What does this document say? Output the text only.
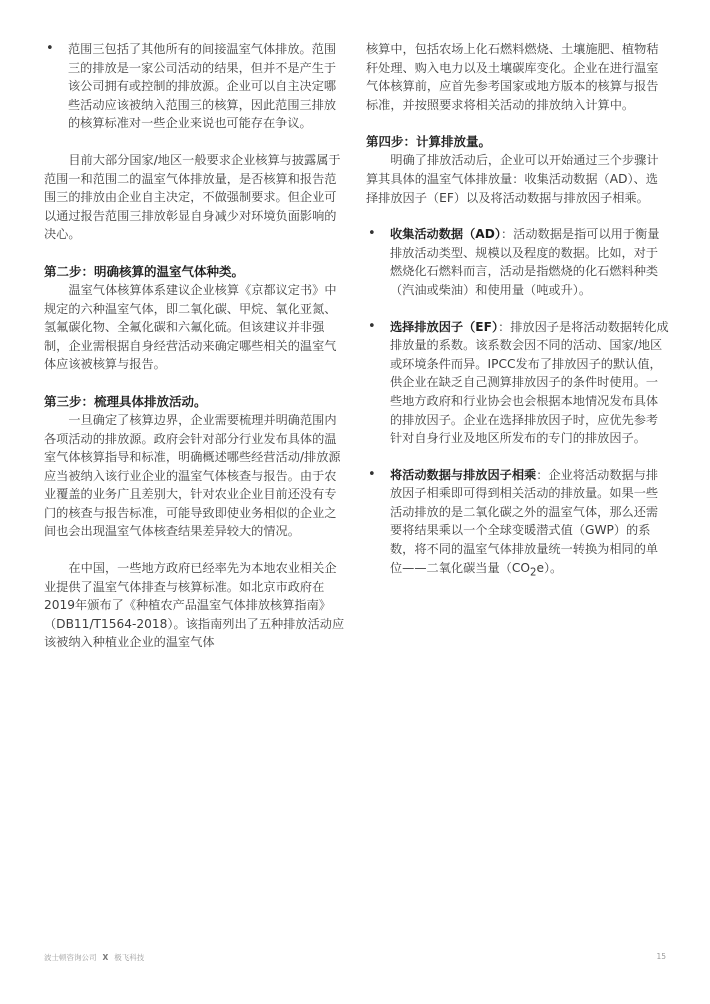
• 范围三包括了其他所有的间接温室气体排放。范围三的排放是一家公司活动的结果，但并不是产生于该公司拥有或控制的排放源。企业可以自主决定哪些活动应该被纳入范围三的核算，因此范围三排放的核算标准对一些企业来说也可能存在争议。

目前大部分国家/地区一般要求企业核算与披露属于范围一和范围二的温室气体排放量，是否核算和报告范围三的排放由企业自主决定，不做强制要求。但企业可以通过报告范围三排放彰显自身减少对环境负面影响的决心。

第二步：明确核算的温室气体种类。

温室气体核算体系建议企业核算《京都议定书》中规定的六种温室气体，即二氧化碳、甲烷、氧化亚氮、氢氟碳化物、全氟化碳和六氟化硫。但该建议并非强制，企业需根据自身经营活动来确定哪些相关的温室气体应该被核算与报告。

第三步：梳理具体排放活动。

一旦确定了核算边界，企业需要梳理并明确范围内各项活动的排放源。政府会针对部分行业发布具体的温室气体核算指导和标准，明确概述哪些经营活动/排放源应当被纳入该行业企业的温室气体核查与报告。由于农业覆盖的业务广且差别大，针对农业企业目前还没有专门的核查与报告标准，可能导致即使业务相似的企业之间也会出现温室气体核查结果差异较大的情况。

在中国，一些地方政府已经率先为本地农业相关企业提供了温室气体排查与核算标准。如北京市政府在2019年颁布了《种植农产品温室气体排放核算指南》（DB11/T1564-2018）。该指南列出了五种排放活动应该被纳入种植业企业的温室气体

核算中，包括农场上化石燃料燃烧、土壤施肥、植物秸秆处理、购入电力以及土壤碳库变化。企业在进行温室气体核算前，应首先参考国家或地方版本的核算与报告标准，并按照要求将相关活动的排放纳入计算中。

第四步：计算排放量。

明确了排放活动后，企业可以开始通过三个步骤计算其具体的温室气体排放量：收集活动数据（AD）、选择排放因子（EF）以及将活动数据与排放因子相乘。

• 收集活动数据（AD）：活动数据是指可以用于衡量排放活动类型、规模以及程度的数据。比如，对于燃烧化石燃料而言，活动是指燃烧的化石燃料种类（汽油或柴油）和使用量（吨或升）。

• 选择排放因子（EF）：排放因子是将活动数据转化成排放量的系数。该系数会因不同的活动、国家/地区或环境条件而异。IPCC发布了排放因子的默认值，供企业在缺乏自己测算排放因子的条件时使用。一些地方政府和行业协会也会根据本地情况发布具体的排放因子。企业在选择排放因子时，应优先参考针对自身行业及地区所发布的专门的排放因子。

• 将活动数据与排放因子相乘：企业将活动数据与排放因子相乘即可得到相关活动的排放量。如果一些活动排放的是二氧化碳之外的温室气体，那么还需要将结果乘以一个全球变暖潜式值（GWP）的系数，将不同的温室气体排放量统一转换为相同的单位——二氧化碳当量$(CO_2e)$。

波士顿咨询公司 X 极飞科技	15
